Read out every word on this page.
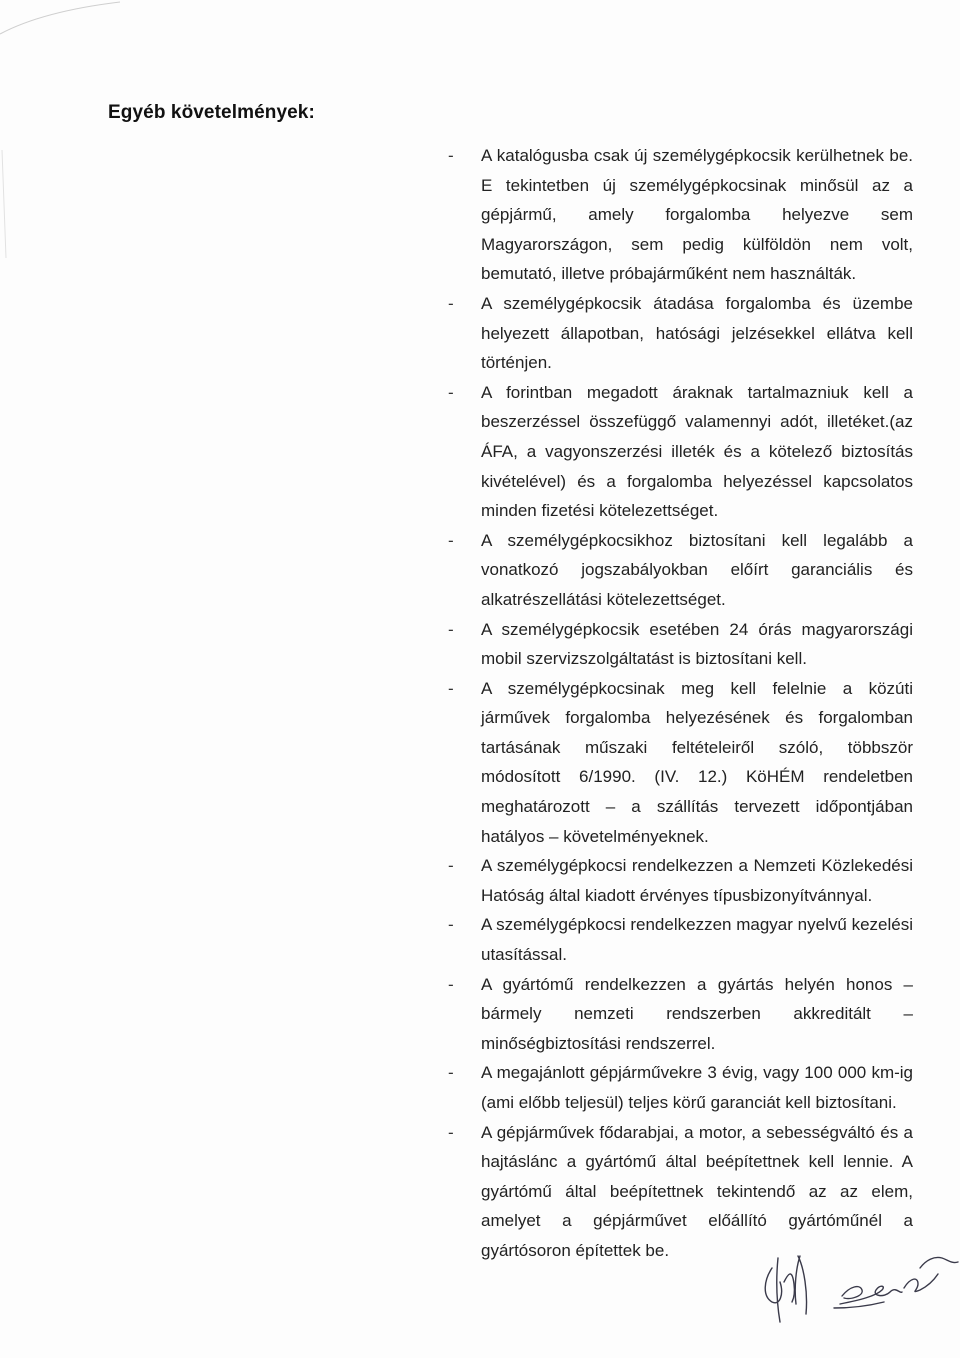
Egyéb követelmények:
-	A katalógusba csak új személygépkocsik kerülhetnek be. E tekintetben új személygépkocsinak minősül az a gépjármű, amely forgalomba helyezve sem Magyarországon, sem pedig külföldön nem volt, bemutató, illetve próbajárműként nem használták.
-	A személygépkocsik átadása forgalomba és üzembe helyezett állapotban, hatósági jelzésekkel ellátva kell történjen.
-	A forintban megadott áraknak tartalmazniuk kell a beszerzéssel összefüggő valamennyi adót, illetéket.(az ÁFA, a vagyonszerzési illeték és a kötelező biztosítás kivételével) és a forgalomba helyezéssel kapcsolatos minden fizetési kötelezettséget.
-	A személygépkocsikhoz biztosítani kell legalább a vonatkozó jogszabályokban előírt garanciális és alkatrészellátási kötelezettséget.
-	A személygépkocsik esetében 24 órás magyarországi mobil szervizszolgáltatást is biztosítani kell.
-	A személygépkocsinak meg kell felelnie a közúti járművek forgalomba helyezésének és forgalomban tartásának műszaki feltételeiről szóló, többször módosított 6/1990. (IV. 12.) KöHÉM rendeletben meghatározott – a szállítás tervezett időpontjában hatályos – követelményeknek.
-	A személygépkocsi rendelkezzen a Nemzeti Közlekedési Hatóság által kiadott érvényes típusbizonyítvánnyal.
-	A személygépkocsi rendelkezzen magyar nyelvű kezelési utasítással.
-	A gyártómű rendelkezzen a gyártás helyén honos – bármely nemzeti rendszerben akkreditált – minőségbiztosítási rendszerrel.
-	A megajánlott gépjárművekre 3 évig, vagy 100 000 km-ig (ami előbb teljesül) teljes körű garanciát kell biztosítani.
-	A gépjárművek fődarabjai, a motor, a sebességváltó és a hajtáslánc a gyártómű által beépítettnek kell lennie. A gyártómű által beépítettnek tekintendő az az elem, amelyet a gépjárművet előállító gyártóműnél a gyártósoron építettek be.
